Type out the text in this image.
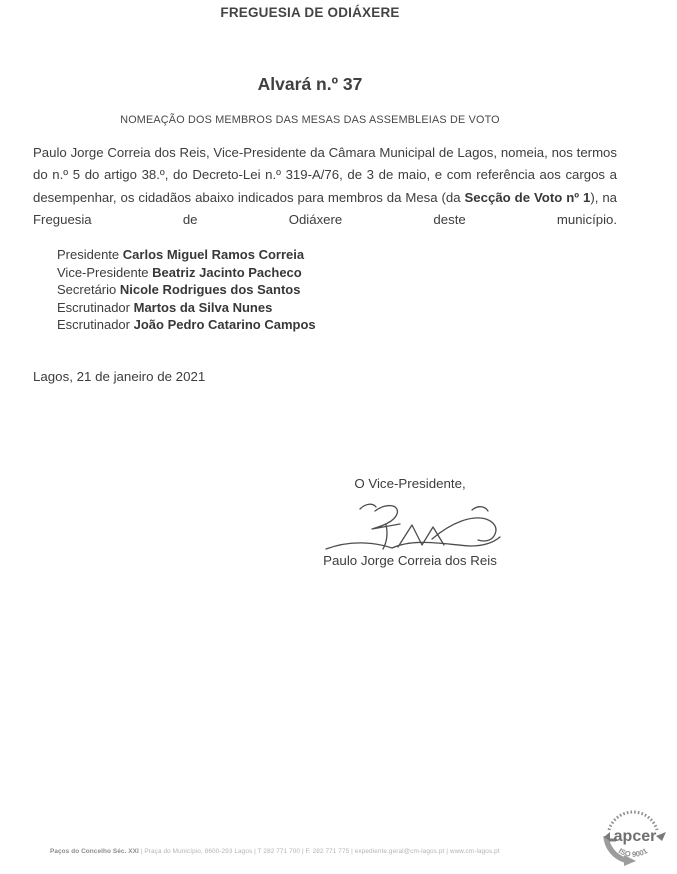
FREGUESIA DE ODIÁXERE
Alvará n.º 37
NOMEAÇÃO DOS MEMBROS DAS MESAS DAS ASSEMBLEIAS DE VOTO
Paulo Jorge Correia dos Reis, Vice-Presidente da Câmara Municipal de Lagos, nomeia, nos termos do n.º 5 do artigo 38.º, do Decreto-Lei n.º 319-A/76, de 3 de maio, e com referência aos cargos a desempenhar, os cidadãos abaixo indicados para membros da Mesa (da Secção de Voto nº 1), na Freguesia de Odiáxere deste município.
Presidente Carlos Miguel Ramos Correia
Vice-Presidente Beatriz Jacinto Pacheco
Secretário Nicole Rodrigues dos Santos
Escrutinador Martos da Silva Nunes
Escrutinador João Pedro Catarino Campos
Lagos, 21 de janeiro de 2021
O Vice-Presidente,
Paulo Jorge Correia dos Reis
Paços do Concelho Séc. XXI | Praça do Município, 8600-293 Lagos | T 282 771 700 | F. 282 771 775 | expediente.geral@cm-lagos.pt | www.cm-lagos.pt
apcer
ISO 9001
